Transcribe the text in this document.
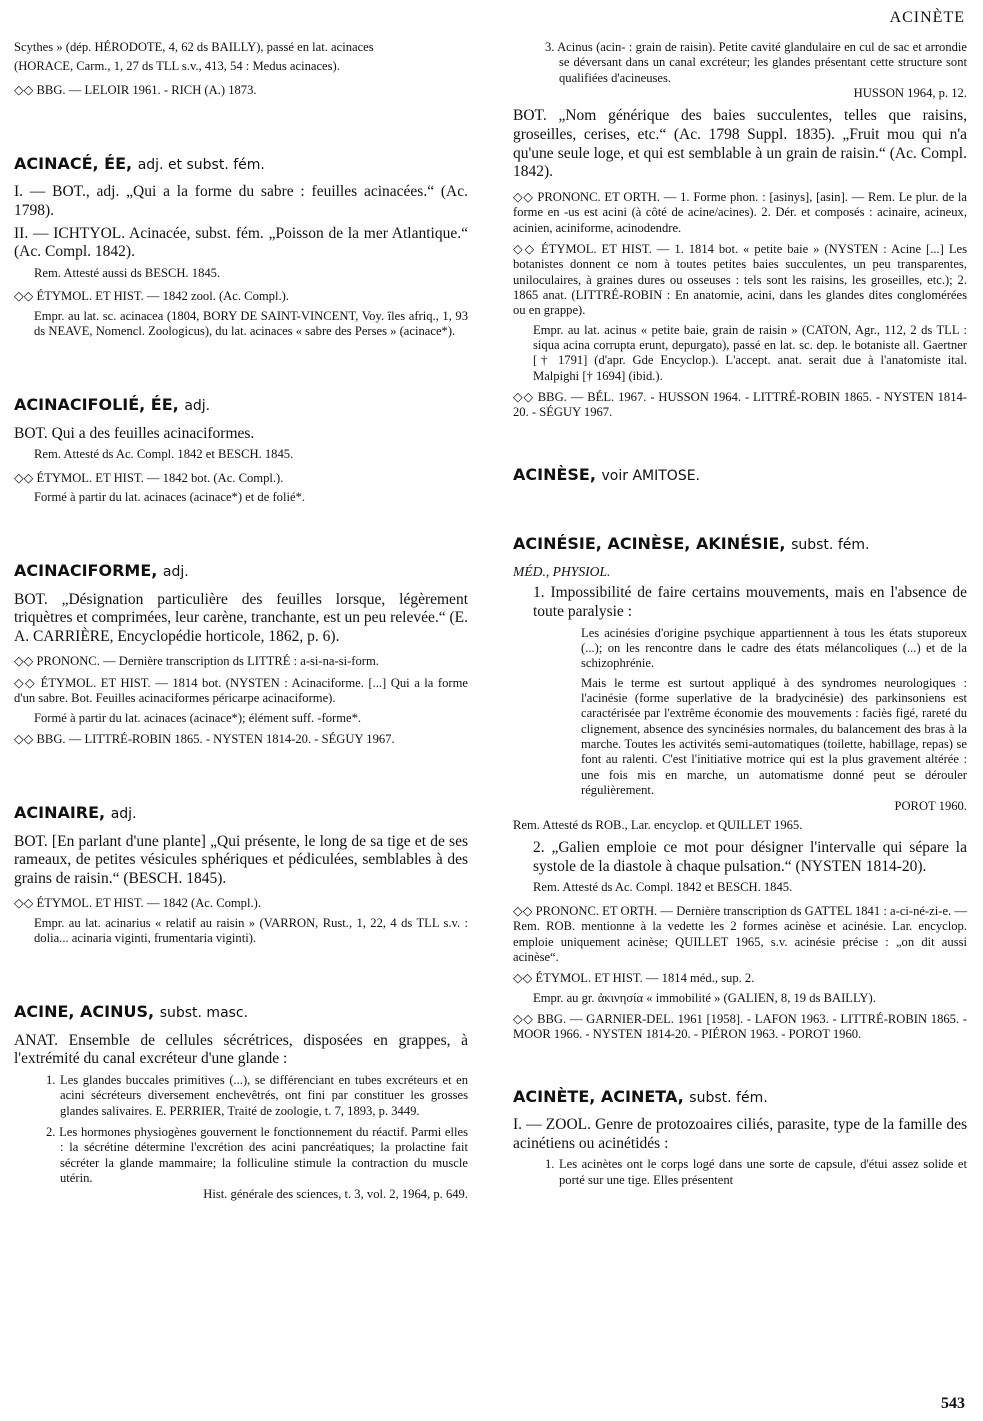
ACINÈTE
Scythes » (dép. HÉRODOTE, 4, 62 ds BAILLY), passé en lat. acinaces
(HORACE, Carm., 1, 27 ds TLL s.v., 413, 54 : Medus acinaces).
◇◇ BBG. — LELOIR 1961. - RICH (A.) 1873.
ACINACÉ, ÉE, adj. et subst. fém.
I. — BOT., adj. „Qui a la forme du sabre : feuilles acinacées.“ (Ac. 1798).
II. — ICHTYOL. Acinacée, subst. fém. „Poisson de la mer Atlantique.“ (Ac. Compl. 1842).
Rem. Attesté aussi ds BESCH. 1845.
◇◇ ÉTYMOL. ET HIST. — 1842 zool. (Ac. Compl.).
Empr. au lat. sc. acinacea (1804, BORY DE SAINT-VINCENT, Voy. îles afriq., 1, 93 ds NEAVE, Nomencl. Zoologicus), du lat. acinaces « sabre des Perses » (acinace*).
ACINACIFOLIÉ, ÉE, adj.
BOT. Qui a des feuilles acinaciformes.
Rem. Attesté ds Ac. Compl. 1842 et BESCH. 1845.
◇◇ ÉTYMOL. ET HIST. — 1842 bot. (Ac. Compl.).
Formé à partir du lat. acinaces (acinace*) et de folié*.
ACINACIFORME, adj.
BOT. „Désignation particulière des feuilles lorsque, légèrement triquètres et comprimées, leur carène, tranchante, est un peu relevée.“ (E. A. CARRIÈRE, Encyclopédie horticole, 1862, p. 6).
◇◇ PRONONC. — Dernière transcription ds LITTRÉ : a-si-na-si-form.
◇◇ ÉTYMOL. ET HIST. — 1814 bot. (NYSTEN : Acinaciforme. [...] Qui a la forme d'un sabre. Bot. Feuilles acinaciformes péricarpe acinaciforme).
Formé à partir du lat. acinaces (acinace*); élément suff. -forme*.
◇◇ BBG. — LITTRÉ-ROBIN 1865. - NYSTEN 1814-20. - SÉGUY 1967.
ACINAIRE, adj.
BOT. [En parlant d'une plante] „Qui présente, le long de sa tige et de ses rameaux, de petites vésicules sphériques et pédiculées, semblables à des grains de raisin.“ (BESCH. 1845).
◇◇ ÉTYMOL. ET HIST. — 1842 (Ac. Compl.).
Empr. au lat. acinarius « relatif au raisin » (VARRON, Rust., 1, 22, 4 ds TLL s.v. : dolia... acinaria viginti, frumentaria viginti).
ACINE, ACINUS, subst. masc.
ANAT. Ensemble de cellules sécrétrices, disposées en grappes, à l'extrémité du canal excréteur d'une glande :
1. Les glandes buccales primitives (...), se différenciant en tubes excréteurs et en acini sécréteurs diversement enchevêtrés, ont fini par constituer les grosses glandes salivaires. E. PERRIER, Traité de zoologie, t. 7, 1893, p. 3449.
2. Les hormones physiogènes gouvernent le fonctionnement du réactif. Parmi elles : la sécrétine détermine l'excrétion des acini pancréatiques; la prolactine fait sécréter la glande mammaire; la folliculine stimule la contraction du muscle utérin.
Hist. générale des sciences, t. 3, vol. 2, 1964, p. 649.
3. Acinus (acin- : grain de raisin). Petite cavité glandulaire en cul de sac et arrondie se déversant dans un canal excréteur; les glandes présentant cette structure sont qualifiées d'acineuses.
HUSSON 1964, p. 12.
BOT. „Nom générique des baies succulentes, telles que raisins, groseilles, cerises, etc.“ (Ac. 1798 Suppl. 1835). „Fruit mou qui n'a qu'une seule loge, et qui est semblable à un grain de raisin.“ (Ac. Compl. 1842).
◇◇ PRONONC. ET ORTH. — 1. Forme phon. : [asinys], [asin]. — Rem. Le plur. de la forme en -us est acini (à côté de acine/acines). 2. Dér. et composés : acinaire, acineux, acinien, aciniforme, acinodendre.
◇◇ ÉTYMOL. ET HIST. — 1. 1814 bot. « petite baie » (NYSTEN : Acine [...] Les botanistes donnent ce nom à toutes petites baies succulentes, un peu transparentes, uniloculaires, à graines dures ou osseuses : tels sont les raisins, les groseilles, etc.); 2. 1865 anat. (LITTRÉ-ROBIN : En anatomie, acini, dans les glandes dites conglomérées ou en grappe).
Empr. au lat. acinus « petite baie, grain de raisin » (CATON, Agr., 112, 2 ds TLL : siqua acina corrupta erunt, depurgato), passé en lat. sc. dep. le botaniste all. Gaertner [† 1791] (d'apr. Gde Encyclop.). L'accept. anat. serait due à l'anatomiste ital. Malpighi [† 1694] (ibid.).
◇◇ BBG. — BÉL. 1967. - HUSSON 1964. - LITTRÉ-ROBIN 1865. - NYSTEN 1814-20. - SÉGUY 1967.
ACINÈSE, voir AMITOSE.
ACINÉSIE, ACINÈSE, AKINÉSIE, subst. fém.
MÉD., PHYSIOL.
1. Impossibilité de faire certains mouvements, mais en l'absence de toute paralysie :
Les acinésies d'origine psychique appartiennent à tous les états stuporeux (...); on les rencontre dans le cadre des états mélancoliques (...) et de la schizophrénie.
Mais le terme est surtout appliqué à des syndromes neurologiques : l'acinésie (forme superlative de la bradycinésie) des parkinsoniens est caractérisée par l'extrême économie des mouvements : faciès figé, rareté du clignement, absence des syncinésies normales, du balancement des bras à la marche. Toutes les activités semi-automatiques (toilette, habillage, repas) se font au ralenti. C'est l'initiative motrice qui est la plus gravement altérée : une fois mis en marche, un automatisme donné peut se dérouler régulièrement.
POROT 1960.
Rem. Attesté ds ROB., Lar. encyclop. et QUILLET 1965.
2. „Galien emploie ce mot pour désigner l'intervalle qui sépare la systole de la diastole à chaque pulsation.“ (NYSTEN 1814-20).
Rem. Attesté ds Ac. Compl. 1842 et BESCH. 1845.
◇◇ PRONONC. ET ORTH. — Dernière transcription ds GATTEL 1841 : a-ci-né-zi-e. — Rem. ROB. mentionne à la vedette les 2 formes acinèse et acinésie. Lar. encyclop. emploie uniquement acinèse; QUILLET 1965, s.v. acinésie précise : „on dit aussi acinèse“.
◇◇ ÉTYMOL. ET HIST. — 1814 méd., sup. 2.
Empr. au gr. ἀκινησία « immobilité » (GALIEN, 8, 19 ds BAILLY).
◇◇ BBG. — GARNIER-DEL. 1961 [1958]. - LAFON 1963. - LITTRÉ-ROBIN 1865. - MOOR 1966. - NYSTEN 1814-20. - PIÉRON 1963. - POROT 1960.
ACINÈTE, ACINETA, subst. fém.
I. — ZOOL. Genre de protozoaires ciliés, parasite, type de la famille des acinétiens ou acinétidés :
1. Les acinètes ont le corps logé dans une sorte de capsule, d'étui assez solide et porté sur une tige. Elles présentent
543
